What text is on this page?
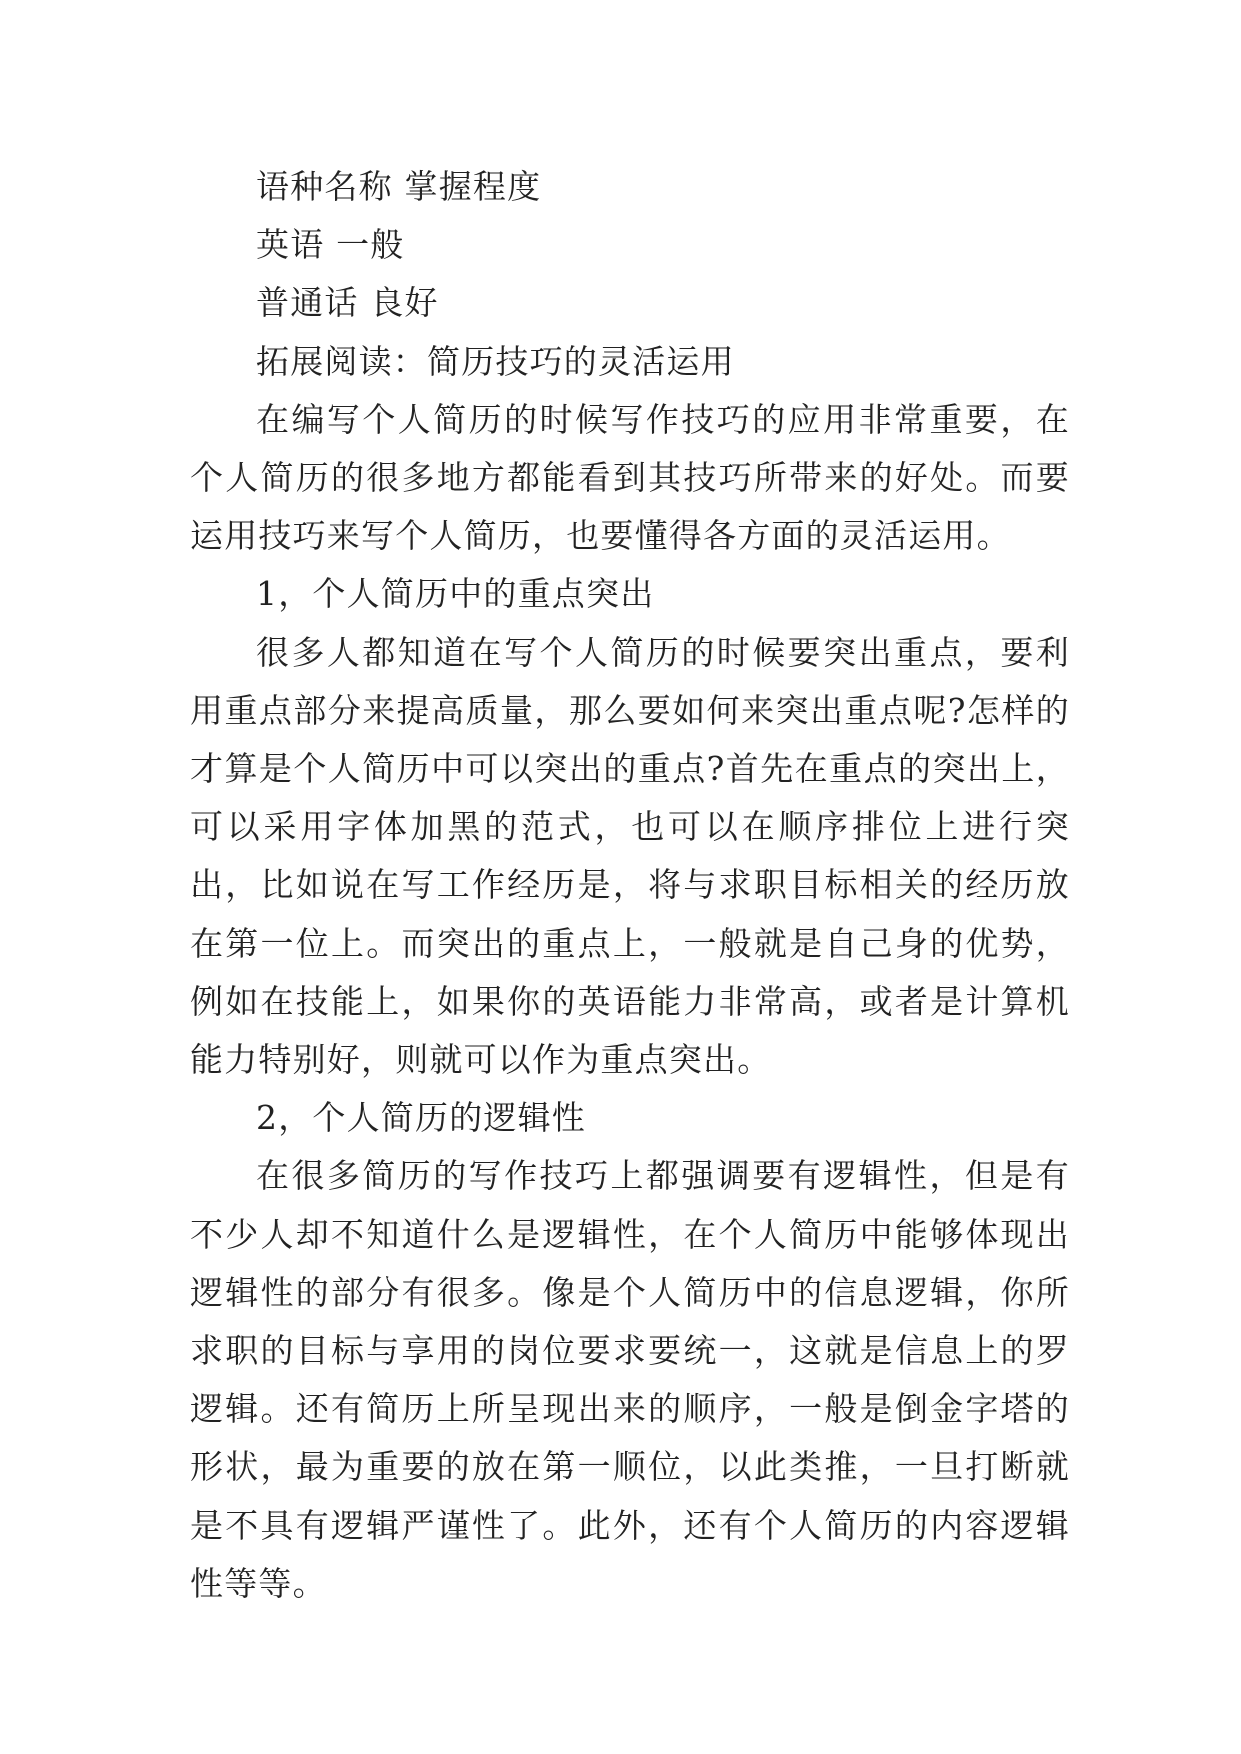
语种名称 掌握程度

英语 一般

普通话 良好

拓展阅读：简历技巧的灵活运用

在编写个人简历的时候写作技巧的应用非常重要，在个人简历的很多地方都能看到其技巧所带来的好处。而要运用技巧来写个人简历，也要懂得各方面的灵活运用。

1，个人简历中的重点突出

很多人都知道在写个人简历的时候要突出重点，要利用重点部分来提高质量，那么要如何来突出重点呢?怎样的才算是个人简历中可以突出的重点?首先在重点的突出上，可以采用字体加黑的范式，也可以在顺序排位上进行突出，比如说在写工作经历是，将与求职目标相关的经历放在第一位上。而突出的重点上，一般就是自己身的优势，例如在技能上，如果你的英语能力非常高，或者是计算机能力特别好，则就可以作为重点突出。

2，个人简历的逻辑性

在很多简历的写作技巧上都强调要有逻辑性，但是有不少人却不知道什么是逻辑性，在个人简历中能够体现出逻辑性的部分有很多。像是个人简历中的信息逻辑，你所求职的目标与享用的岗位要求要统一，这就是信息上的罗逻辑。还有简历上所呈现出来的顺序，一般是倒金字塔的形状，最为重要的放在第一顺位，以此类推，一旦打断就是不具有逻辑严谨性了。此外，还有个人简历的内容逻辑性等等。
